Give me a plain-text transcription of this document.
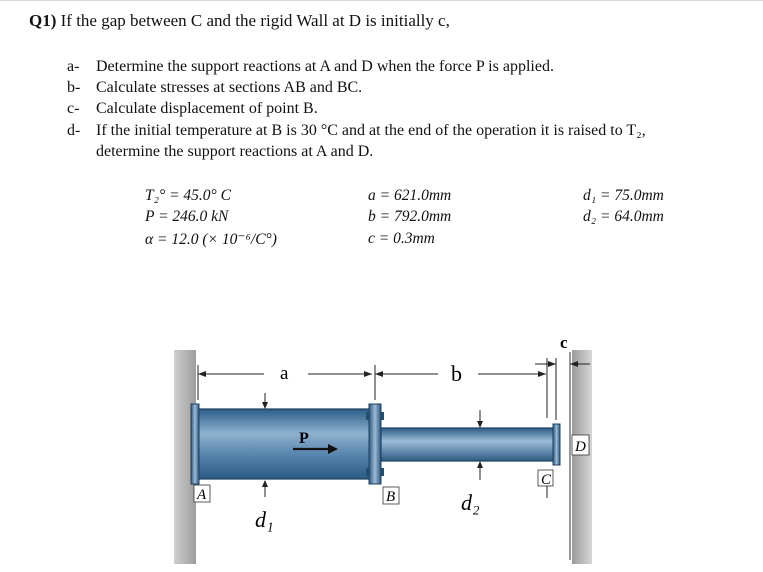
Q1) If the gap between C and the rigid Wall at D is initially c,
a- Determine the support reactions at A and D when the force P is applied.
b- Calculate stresses at sections AB and BC.
c- Calculate displacement of point B.
d- If the initial temperature at B is 30 °C and at the end of the operation it is raised to T₂,
determine the support reactions at A and D.
T₂° = 45.0° C
P = 246.0 kN
α = 12.0 (× 10⁻⁶/C°)
a = 621.0mm
b = 792.0mm
c = 0.3mm
d₁ = 75.0mm
d₂ = 64.0mm
a	b
c
P
d₁
d₂
A	B
C
D
